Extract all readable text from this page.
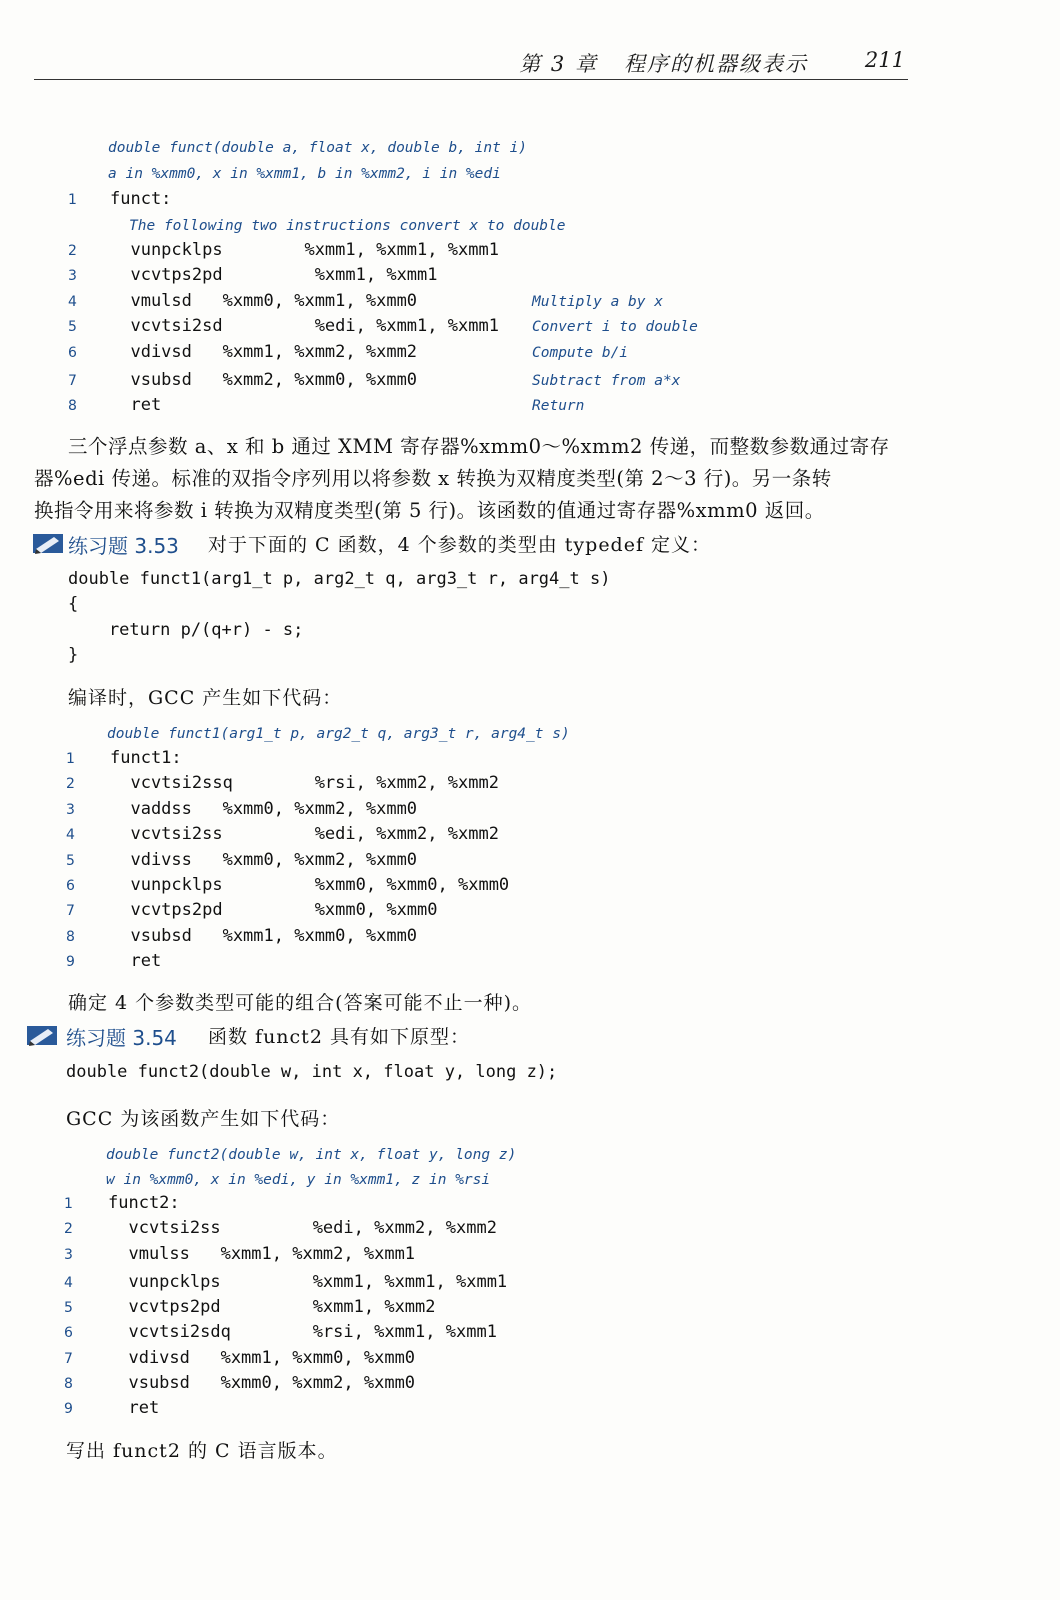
第 3 章   程序的机器级表示

	211

double funct(double a, float x, double b, int i)
a in %xmm0, x in %xmm1, b in %xmm2, i in %edi
1 funct:
2 vunpcklps        %xmm1, %xmm1, %xmm1
3 vcvtps2pd         %xmm1, %xmm1
4 vmulsd   %xmm0, %xmm1, %xmm0	Multiply a by x
5 vcvtsi2sd         %edi, %xmm1, %xmm1 Convert i to double
6 vdivsd   %xmm1, %xmm2, %xmm2	Compute b/i
7 vsubsd   %xmm2, %xmm0, %xmm0	Subtract from a*x
8 ret	Return
The following two instructions convert x to double
三个浮点参数 a、x 和 b 通过 XMM 寄存器%xmm0～%xmm2 传递，而整数参数通过寄存
器%edi 传递。标准的双指令序列用以将参数 x 转换为双精度类型(第 2～3 行)。另一条转
换指令用来将参数 i 转换为双精度类型(第 5 行)。该函数的值通过寄存器%xmm0 返回。
练习题 3.53 对于下面的 C 函数，4 个参数的类型由 typedef 定义：
double funct1(arg1_t p, arg2_t q, arg3_t r, arg4_t s)
{
return p/(q+r) - s;
}
编译时，GCC 产生如下代码：
double funct1(arg1_t p, arg2_t q, arg3_t r, arg4_t s)
1 funct1:
2 vcvtsi2ssq        %rsi, %xmm2, %xmm2
3 vaddss   %xmm0, %xmm2, %xmm0
4 vcvtsi2ss         %edi, %xmm2, %xmm2
5 vdivss   %xmm0, %xmm2, %xmm0
6 vunpcklps         %xmm0, %xmm0, %xmm0
7 vcvtps2pd         %xmm0, %xmm0
8 vsubsd   %xmm1, %xmm0, %xmm0
9 ret
确定 4 个参数类型可能的组合(答案可能不止一种)。
练习题 3.54 函数 funct2 具有如下原型：
double funct2(double w, int x, float y, long z);
GCC 为该函数产生如下代码：
double funct2(double w, int x, float y, long z)
w in %xmm0, x in %edi, y in %xmm1, z in %rsi
1 funct2:
2 vcvtsi2ss         %edi, %xmm2, %xmm2
3 vmulss   %xmm1, %xmm2, %xmm1
4 vunpcklps         %xmm1, %xmm1, %xmm1
5 vcvtps2pd         %xmm1, %xmm2
6 vcvtsi2sdq        %rsi, %xmm1, %xmm1
7 vdivsd   %xmm1, %xmm0, %xmm0
8 vsubsd   %xmm0, %xmm2, %xmm0
9 ret
写出 funct2 的 C 语言版本。
